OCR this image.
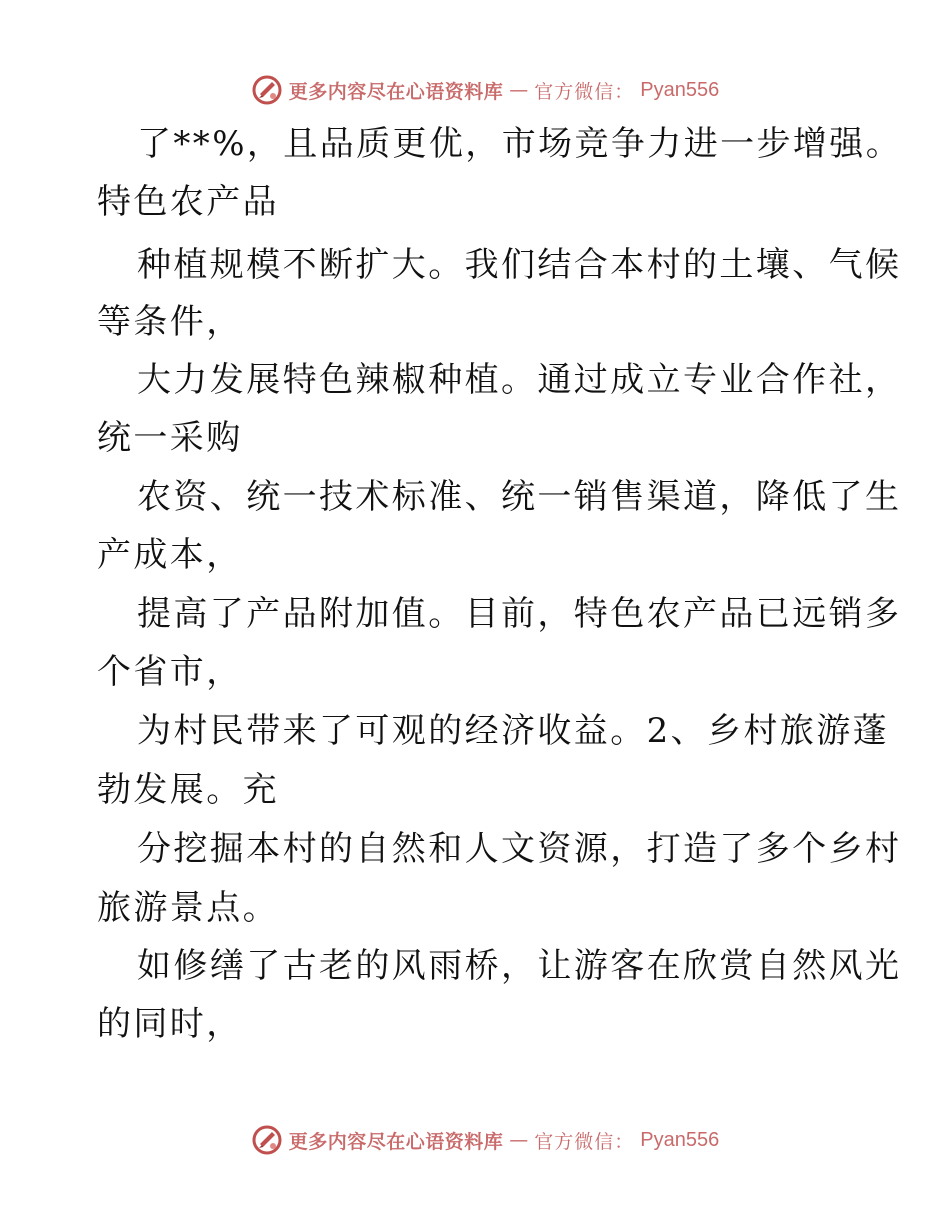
更多内容尽在心语资料库 — 官方微信： Pyan556
了**%，且品质更优，市场竞争力进一步增强。
特色农产品
种植规模不断扩大。我们结合本村的土壤、气候
等条件，
大力发展特色辣椒种植。通过成立专业合作社，
统一采购
农资、统一技术标准、统一销售渠道，降低了生
产成本，
提高了产品附加值。目前，特色农产品已远销多
个省市，
为村民带来了可观的经济收益。2、乡村旅游蓬
勃发展。充
分挖掘本村的自然和人文资源，打造了多个乡村
旅游景点。
如修缮了古老的风雨桥，让游客在欣赏自然风光
的同时，
更多内容尽在心语资料库 — 官方微信： Pyan556
